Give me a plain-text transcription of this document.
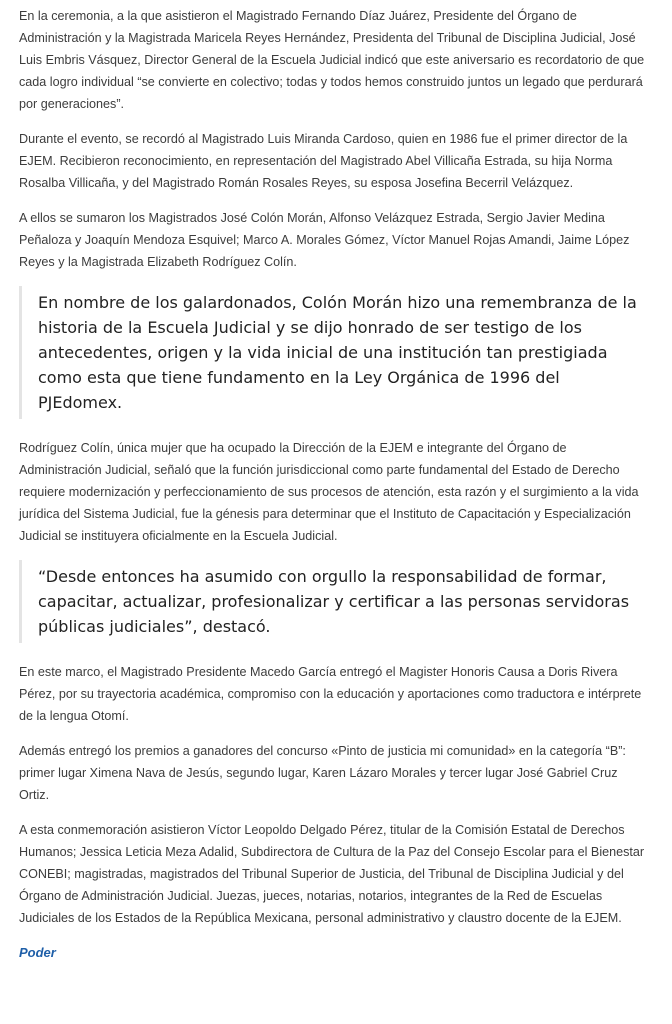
En la ceremonia, a la que asistieron el Magistrado Fernando Díaz Juárez, Presidente del Órgano de Administración y la Magistrada Maricela Reyes Hernández, Presidenta del Tribunal de Disciplina Judicial, José Luis Embris Vásquez, Director General de la Escuela Judicial indicó que este aniversario es recordatorio de que cada logro individual “se convierte en colectivo; todas y todos hemos construido juntos un legado que perdurará por generaciones”.

Durante el evento, se recordó al Magistrado Luis Miranda Cardoso, quien en 1986 fue el primer director de la EJEM. Recibieron reconocimiento, en representación del Magistrado Abel Villicaña Estrada, su hija Norma Rosalba Villicaña, y del Magistrado Román Rosales Reyes, su esposa Josefina Becerril Velázquez.

A ellos se sumaron los Magistrados José Colón Morán, Alfonso Velázquez Estrada, Sergio Javier Medina Peñaloza y Joaquín Mendoza Esquivel; Marco A. Morales Gómez, Víctor Manuel Rojas Amandi, Jaime López Reyes y la Magistrada Elizabeth Rodríguez Colín.

En nombre de los galardonados, Colón Morán hizo una remembranza de la historia de la Escuela Judicial y se dijo honrado de ser testigo de los antecedentes, origen y la vida inicial de una institución tan prestigiada como esta que tiene fundamento en la Ley Orgánica de 1996 del PJEdomex.

Rodríguez Colín, única mujer que ha ocupado la Dirección de la EJEM e integrante del Órgano de Administración Judicial, señaló que la función jurisdiccional como parte fundamental del Estado de Derecho requiere modernización y perfeccionamiento de sus procesos de atención, esta razón y el surgimiento a la vida jurídica del Sistema Judicial, fue la génesis para determinar que el Instituto de Capacitación y Especialización Judicial se instituyera oficialmente en la Escuela Judicial.

“Desde entonces ha asumido con orgullo la responsabilidad de formar, capacitar, actualizar, profesionalizar y certificar a las personas servidoras públicas judiciales”, destacó.

En este marco, el Magistrado Presidente Macedo García entregó el Magister Honoris Causa a Doris Rivera Pérez, por su trayectoria académica, compromiso con la educación y aportaciones como traductora e intérprete de la lengua Otomí.

Además entregó los premios a ganadores del concurso «Pinto de justicia mi comunidad» en la categoría “B”: primer lugar Ximena Nava de Jesús, segundo lugar, Karen Lázaro Morales y tercer lugar José Gabriel Cruz Ortiz.

A esta conmemoración asistieron Víctor Leopoldo Delgado Pérez, titular de la Comisión Estatal de Derechos Humanos; Jessica Leticia Meza Adalid, Subdirectora de Cultura de la Paz del Consejo Escolar para el Bienestar CONEBI; magistradas, magistrados del Tribunal Superior de Justicia, del Tribunal de Disciplina Judicial y del Órgano de Administración Judicial. Juezas, jueces, notarias, notarios, integrantes de la Red de Escuelas Judiciales de los Estados de la República Mexicana, personal administrativo y claustro docente de la EJEM.

Poder
